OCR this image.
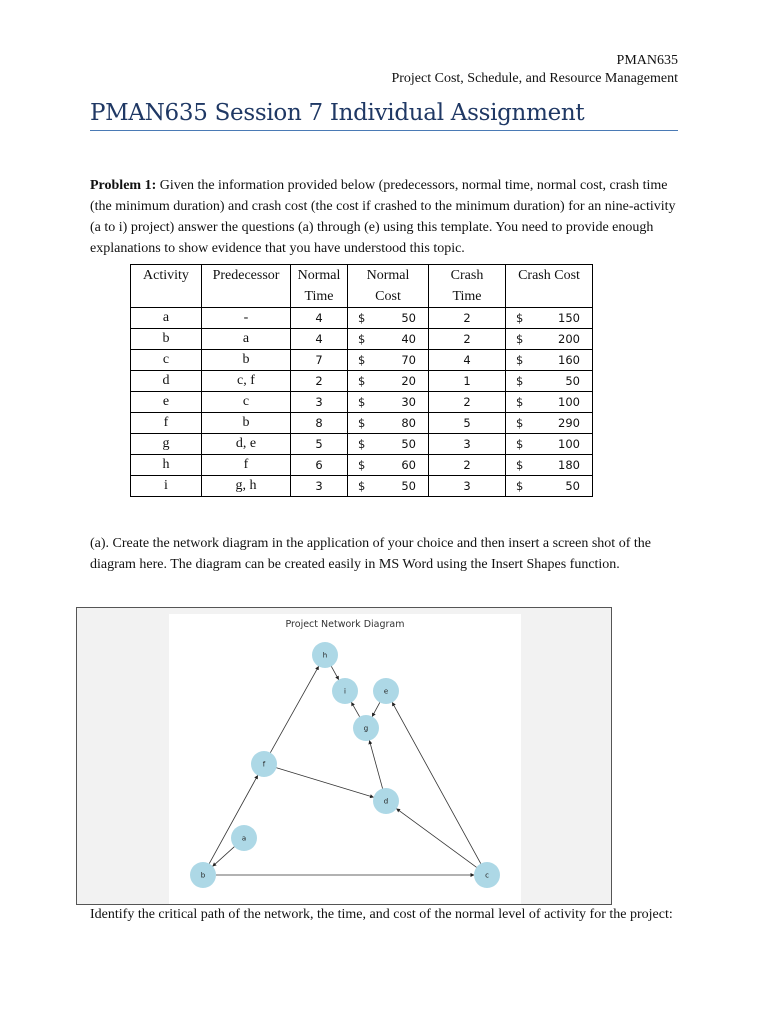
PMAN635
Project Cost, Schedule, and Resource Management
PMAN635 Session 7 Individual Assignment
Problem 1: Given the information provided below (predecessors, normal time, normal cost, crash time (the minimum duration) and crash cost (the cost if crashed to the minimum duration) for an nine-activity (a to i) project) answer the questions (a) through (e) using this template. You need to provide enough explanations to show evidence that you have understood this topic.
Activity	Predecessor	Normal Time	Normal Cost	Crash Time	Crash Cost
a	-	4	$ 50	2	$ 150

b	a	4	$ 40	2	$ 200

c	b	7	$ 70	4	$ 160

d	c, f	2	$ 20	1	$ 50

e	c	3	$ 30	2	$ 100

f	b	8	$ 80	5	$ 290

g	d, e	5	$ 50	3	$ 100

h	f	6	$ 60	2	$ 180

i	g, h	3	$ 50	3	$ 50
(a). Create the network diagram in the application of your choice and then insert a screen shot of the diagram here. The diagram can be created easily in MS Word using the Insert Shapes function.
Project Network Diagram
h
i	e
g
f
d
a
b	c
Identify the critical path of the network, the time, and cost of the normal level of activity for the project:
